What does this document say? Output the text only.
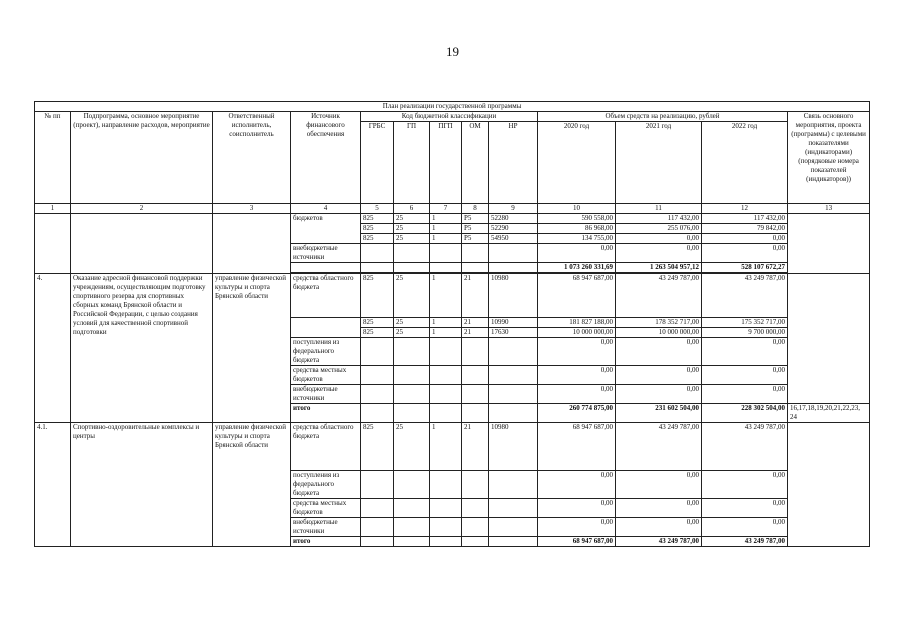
19
План реализации государственной программы												
№ пп	Подпрограмма, основное мероприятие (проект), направление расходов, мероприятие	Ответственный исполнитель, соисполнитель	Источник финансового обеспечения	Код бюджетной классификации					Объем средств на реализацию, рублей			Связь основного мероприятия, проекта (программы) с целевыми показателями (индикаторами) (порядковые номера показателей (индикаторов))
				ГРБС	ГП	ПГП	ОМ	НР	2020 год	2021 год	2022 год	
1	2	3	4	5	6	7	8	9	10	11	12	13
			бюджетов	825	25	1	Р5	52280	590 558,00	117 432,00	117 432,00	
				825	25	1	Р5	52290	86 968,00	255 076,00	79 842,00	
				825	25	1	Р5	54950	134 755,00	0,00	0,00	
			внебюджетные источники						0,00	0,00	0,00	
									1 073 260 331,69	1 263 504 957,12	528 107 672,27	

4.	Оказание адресной финансовой поддержки учреждениям, осуществляющим подготовку спортивного резерва для спортивных сборных команд Брянской области и Российской Федерации, с целью создания условий для качественной спортивной подготовки	управление физической культуры и спорта Брянской области	средства областного бюджета	825	25	1	21	10980	68 947 687,00	43 249 787,00	43 249 787,00	
				825	25	1	21	10990	181 827 188,00	178 352 717,00	175 352 717,00	
				825	25	1	21	17630	10 000 000,00	10 000 000,00	9 700 000,00	
			поступления из федерального бюджета						0,00	0,00	0,00	
			средства местных бюджетов						0,00	0,00	0,00	
			внебюджетные источники						0,00	0,00	0,00	
			итого						260 774 875,00	231 602 504,00	228 302 504,00	16,17,18,19,20,21,22,23, 24
4.1.	Спортивно-оздоровительные комплексы и центры	управление физической культуры и спорта Брянской области	средства областного бюджета	825	25	1	21	10980	68 947 687,00	43 249 787,00	43 249 787,00	
			поступления из федерального бюджета						0,00	0,00	0,00	
			средства местных бюджетов						0,00	0,00	0,00	
			внебюджетные источники						0,00	0,00	0,00	
			итого						68 947 687,00	43 249 787,00	43 249 787,00	
